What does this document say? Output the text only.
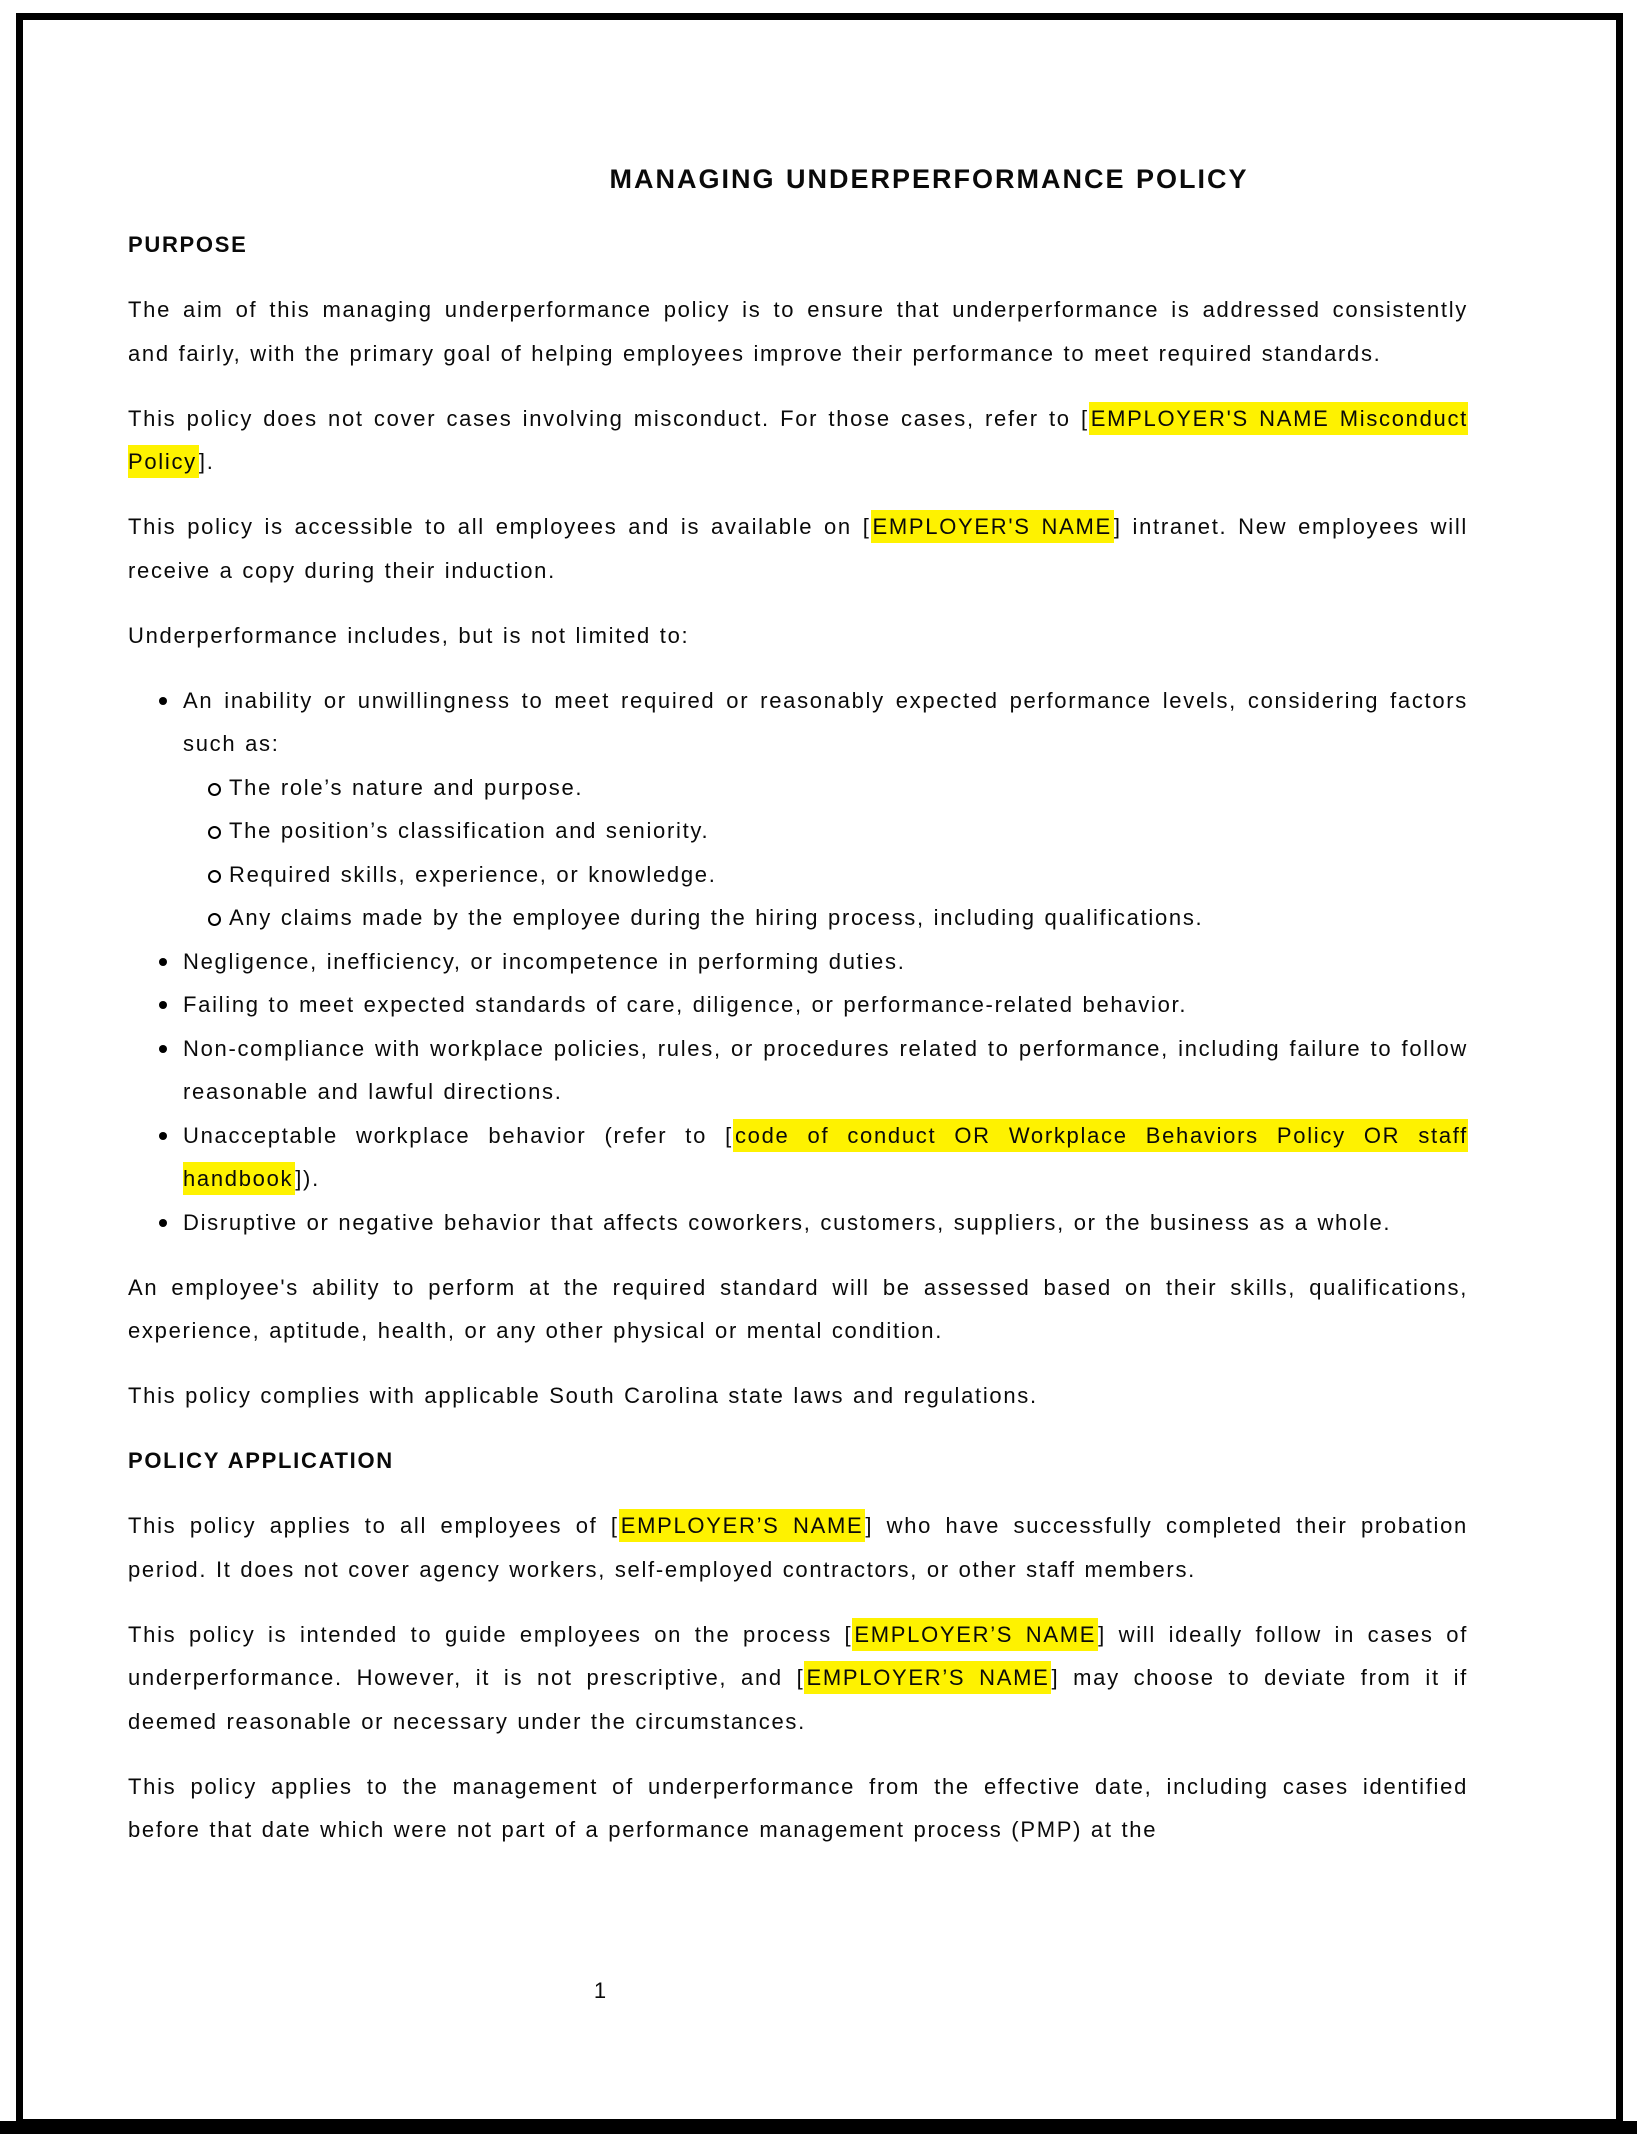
MANAGING UNDERPERFORMANCE POLICY
PURPOSE
The aim of this managing underperformance policy is to ensure that underperformance is addressed consistently and fairly, with the primary goal of helping employees improve their performance to meet required standards.
This policy does not cover cases involving misconduct. For those cases, refer to [EMPLOYER'S NAME Misconduct Policy].
This policy is accessible to all employees and is available on [EMPLOYER'S NAME] intranet. New employees will receive a copy during their induction.
Underperformance includes, but is not limited to:
An inability or unwillingness to meet required or reasonably expected performance levels, considering factors such as:
The role’s nature and purpose.
The position’s classification and seniority.
Required skills, experience, or knowledge.
Any claims made by the employee during the hiring process, including qualifications.
Negligence, inefficiency, or incompetence in performing duties.
Failing to meet expected standards of care, diligence, or performance-related behavior.
Non-compliance with workplace policies, rules, or procedures related to performance, including failure to follow reasonable and lawful directions.
Unacceptable workplace behavior (refer to [code of conduct OR Workplace Behaviors Policy OR staff handbook]).
Disruptive or negative behavior that affects coworkers, customers, suppliers, or the business as a whole.
An employee's ability to perform at the required standard will be assessed based on their skills, qualifications, experience, aptitude, health, or any other physical or mental condition.
This policy complies with applicable South Carolina state laws and regulations.
POLICY APPLICATION
This policy applies to all employees of [EMPLOYER’S NAME] who have successfully completed their probation period. It does not cover agency workers, self-employed contractors, or other staff members.
This policy is intended to guide employees on the process [EMPLOYER’S NAME] will ideally follow in cases of underperformance. However, it is not prescriptive, and [EMPLOYER’S NAME] may choose to deviate from it if deemed reasonable or necessary under the circumstances.
This policy applies to the management of underperformance from the effective date, including cases identified before that date which were not part of a performance management process (PMP) at the
1
